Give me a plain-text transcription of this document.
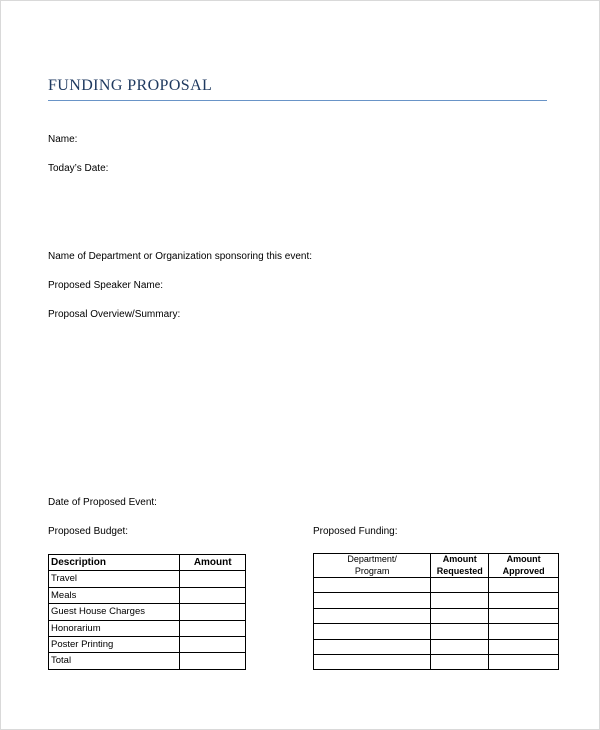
FUNDING PROPOSAL
Name:
Today’s Date:
Name of Department or Organization sponsoring this event:
Proposed Speaker Name:
Proposal Overview/Summary:
Date of Proposed Event:
Proposed Budget:	Proposed Funding:
Description	Amount
Travel	
Meals	
Guest House Charges	
Honorarium	
Poster Printing	
Total	
Department/
Program	Amount
Requested	Amount
Approved
